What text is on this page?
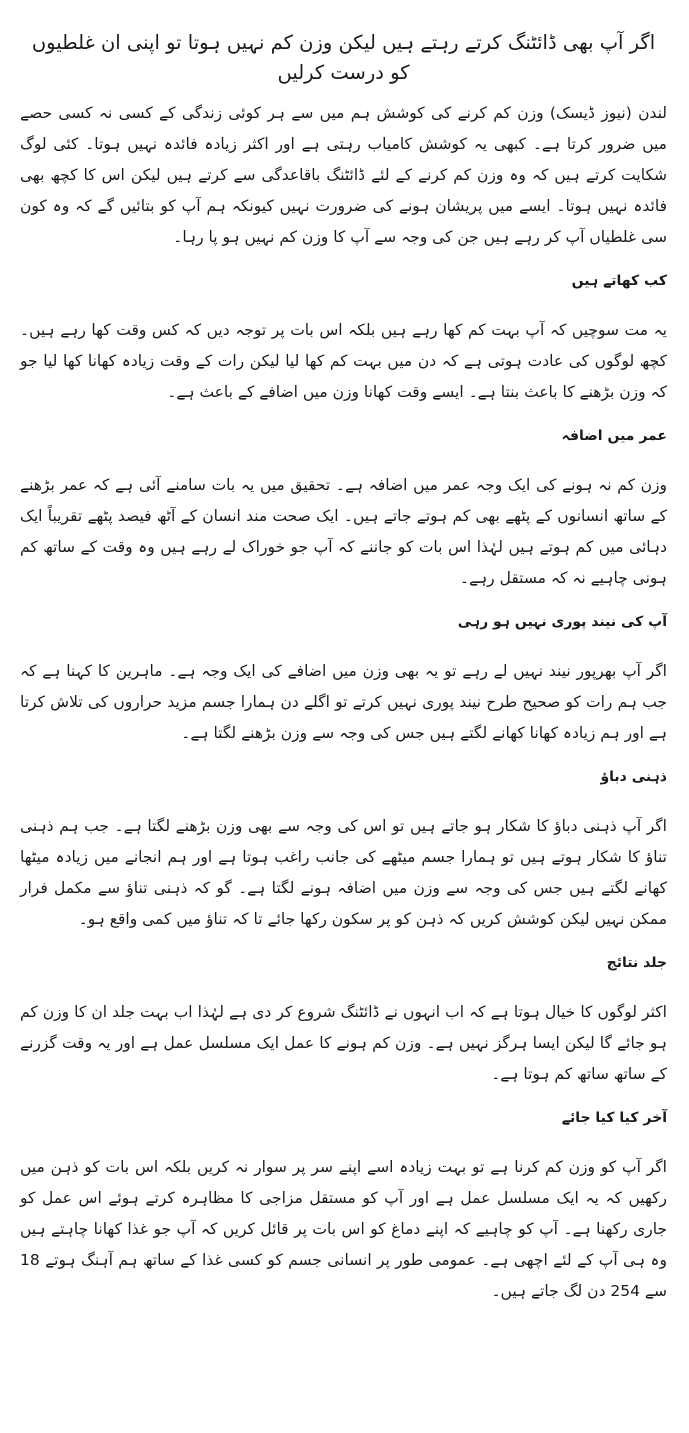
اگر آپ بھی ڈائٹنگ کرتے رہتے ہیں لیکن وزن کم نہیں ہوتا تو اپنی ان غلطیوں کو درست کرلیں

لندن (نیوز ڈیسک) وزن کم کرنے کی کوشش ہم میں سے ہر کوئی زندگی کے کسی نہ کسی حصے میں ضرور کرتا ہے۔ کبھی یہ کوشش کامیاب رہتی ہے اور اکثر زیادہ فائدہ نہیں ہوتا۔ کئی لوگ شکایت کرتے ہیں کہ وہ وزن کم کرنے کے لئے ڈائٹنگ باقاعدگی سے کرتے ہیں لیکن اس کا کچھ بھی فائدہ نہیں ہوتا۔ ایسے میں پریشان ہونے کی ضرورت نہیں کیونکہ ہم آپ کو بتائیں گے کہ وہ کون سی غلطیاں آپ کر رہے ہیں جن کی وجہ سے آپ کا وزن کم نہیں ہو پا رہا۔

کب کھاتے ہیں

یہ مت سوچیں کہ آپ بہت کم کھا رہے ہیں بلکہ اس بات پر توجہ دیں کہ کس وقت کھا رہے ہیں۔ کچھ لوگوں کی عادت ہوتی ہے کہ دن میں بہت کم کھا لیا لیکن رات کے وقت زیادہ کھانا کھا لیا جو کہ وزن بڑھنے کا باعث بنتا ہے۔ ایسے وقت کھانا وزن میں اضافے کے باعث ہے۔

عمر میں اضافہ

وزن کم نہ ہونے کی ایک وجہ عمر میں اضافہ ہے۔ تحقیق میں یہ بات سامنے آئی ہے کہ عمر بڑھنے کے ساتھ انسانوں کے پٹھے بھی کم ہوتے جاتے ہیں۔ ایک صحت مند انسان کے آٹھ فیصد پٹھے تقریباً ایک دہائی میں کم ہوتے ہیں لہٰذا اس بات کو جاننے کہ آپ جو خوراک لے رہے ہیں وہ وقت کے ساتھ کم ہونی چاہیے نہ کہ مستقل رہے۔

آپ کی نیند پوری نہیں ہو رہی

اگر آپ بھرپور نیند نہیں لے رہے تو یہ بھی وزن میں اضافے کی ایک وجہ ہے۔ ماہرین کا کہنا ہے کہ جب ہم رات کو صحیح طرح نیند پوری نہیں کرتے تو اگلے دن ہمارا جسم مزید حراروں کی تلاش کرتا ہے اور ہم زیادہ کھانا کھانے لگتے ہیں جس کی وجہ سے وزن بڑھنے لگتا ہے۔

ذہنی دباؤ

اگر آپ ذہنی دباؤ کا شکار ہو جاتے ہیں تو اس کی وجہ سے بھی وزن بڑھنے لگتا ہے۔ جب ہم ذہنی تناؤ کا شکار ہوتے ہیں تو ہمارا جسم میٹھے کی جانب راغب ہوتا ہے اور ہم انجانے میں زیادہ میٹھا کھانے لگتے ہیں جس کی وجہ سے وزن میں اضافہ ہونے لگتا ہے۔ گو کہ ذہنی تناؤ سے مکمل فرار ممکن نہیں لیکن کوشش کریں کہ ذہن کو پر سکون رکھا جائے تا کہ تناؤ میں کمی واقع ہو۔

جلد نتائج

اکثر لوگوں کا خیال ہوتا ہے کہ اب انہوں نے ڈائٹنگ شروع کر دی ہے لہٰذا اب بہت جلد ان کا وزن کم ہو جائے گا لیکن ایسا ہرگز نہیں ہے۔ وزن کم ہونے کا عمل ایک مسلسل عمل ہے اور یہ وقت گزرنے کے ساتھ ساتھ کم ہوتا ہے۔

آخر کیا کیا جائے

اگر آپ کو وزن کم کرنا ہے تو بہت زیادہ اسے اپنے سر پر سوار نہ کریں بلکہ اس بات کو ذہن میں رکھیں کہ یہ ایک مسلسل عمل ہے اور آپ کو مستقل مزاجی کا مظاہرہ کرتے ہوئے اس عمل کو جاری رکھنا ہے۔ آپ کو چاہیے کہ اپنے دماغ کو اس بات پر قائل کریں کہ آپ جو غذا کھانا چاہتے ہیں وہ ہی آپ کے لئے اچھی ہے۔ عمومی طور پر انسانی جسم کو کسی غذا کے ساتھ ہم آہنگ ہوتے 18 سے 254 دن لگ جاتے ہیں۔
